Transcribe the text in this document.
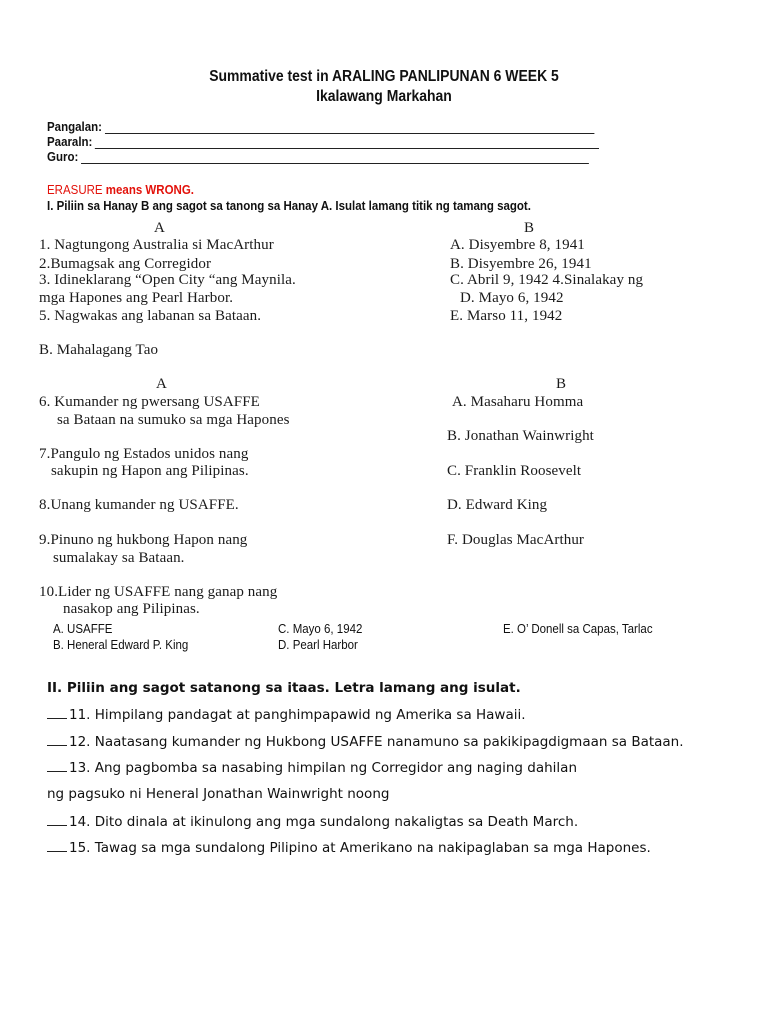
Summative test in ARALING PANLIPUNAN 6 WEEK 5
Ikalawang Markahan
Pangalan:
Paaraln:
Guro:
ERASURE means WRONG.
I. Piliin sa Hanay B ang sagot sa tanong sa Hanay A. Isulat lamang titik ng tamang sagot.
A	B
1. Nagtungong Australia si MacArthur
2.Bumagsak ang Corregidor
3. Idineklarang “Open City “ang Maynila.
mga Hapones ang Pearl Harbor.
5. Nagwakas ang labanan sa Bataan.
A. Disyembre 8, 1941
B. Disyembre 26, 1941
C. Abril 9, 1942 4.Sinalakay ng
D. Mayo 6, 1942
E. Marso 11, 1942
B. Mahalagang Tao
A	B
6. Kumander ng pwersang USAFFE
sa Bataan na sumuko sa mga Hapones
7.Pangulo ng Estados unidos nang
sakupin ng Hapon ang Pilipinas.
8.Unang kumander ng USAFFE.
9.Pinuno ng hukbong Hapon nang
sumalakay sa Bataan.
10.Lider ng USAFFE nang ganap nang
nasakop ang Pilipinas.
A. Masaharu Homma
B. Jonathan Wainwright
C. Franklin Roosevelt
D. Edward King
F. Douglas MacArthur
A. USAFFE
B. Heneral Edward P. King
C. Mayo 6, 1942
D. Pearl Harbor
E. O’ Donell sa Capas, Tarlac
II. Piliin ang sagot satanong sa itaas. Letra lamang ang isulat.
11. Himpilang pandagat at panghimpapawid ng Amerika sa Hawaii.
12. Naatasang kumander ng Hukbong USAFFE nanamuno sa pakikipagdigmaan sa Bataan.
13. Ang pagbomba sa nasabing himpilan ng Corregidor ang naging dahilan
ng pagsuko ni Heneral Jonathan Wainwright noong
14. Dito dinala at ikinulong ang mga sundalong nakaligtas sa Death March.
15. Tawag sa mga sundalong Pilipino at Amerikano na nakipaglaban sa mga Hapones.
